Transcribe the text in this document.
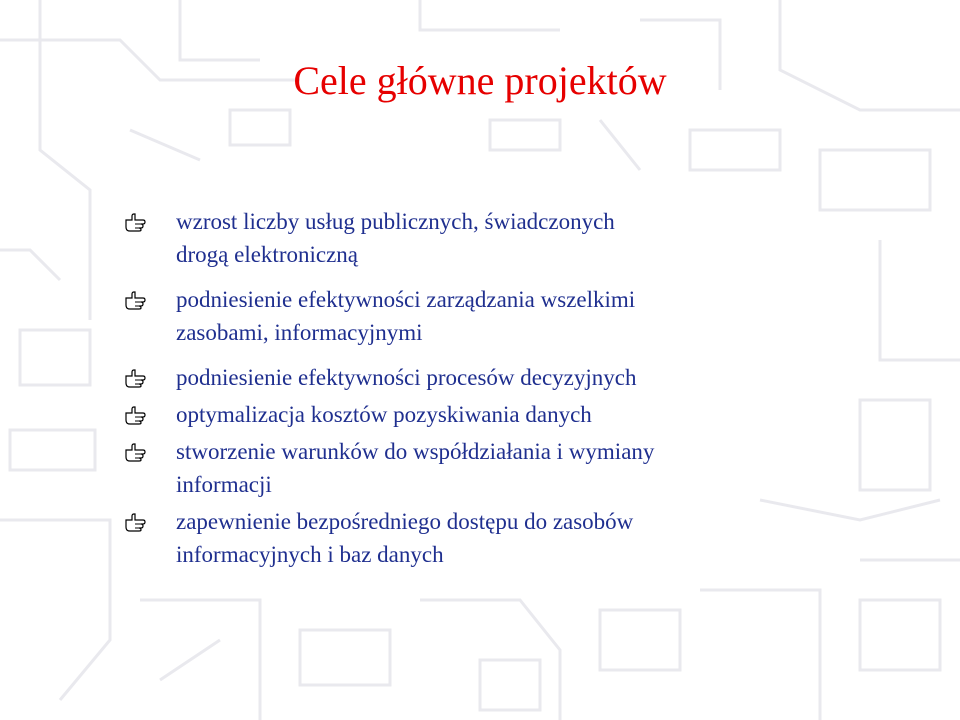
Cele główne projektów
wzrost liczby usług publicznych, świadczonych
drogą elektroniczną
podniesienie efektywności zarządzania wszelkimi
zasobami, informacyjnymi
podniesienie efektywności procesów decyzyjnych
optymalizacja kosztów pozyskiwania danych
stworzenie warunków do współdziałania i wymiany
informacji
zapewnienie bezpośredniego dostępu do zasobów
informacyjnych i baz danych
